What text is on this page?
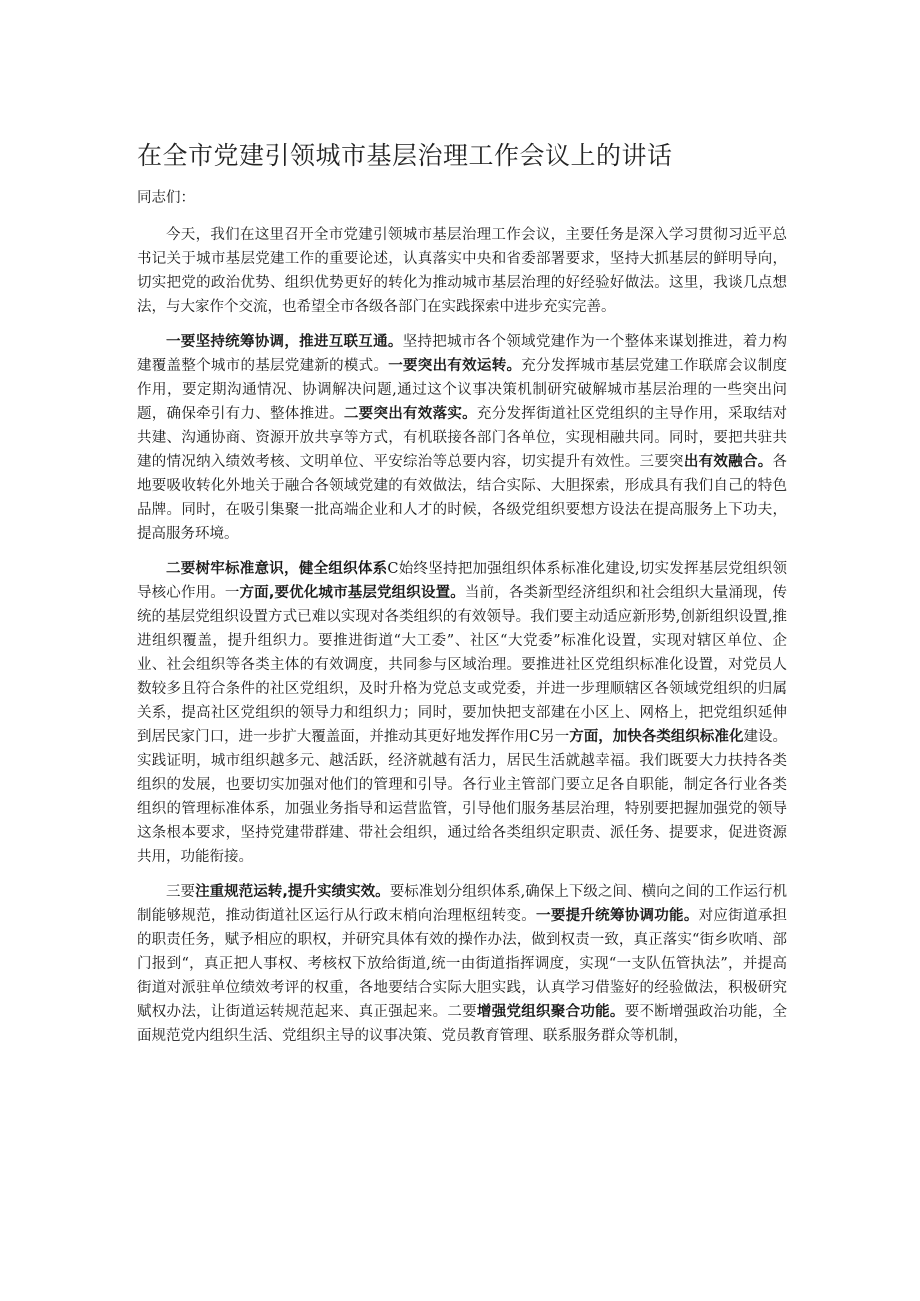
在全市党建引领城市基层治理工作会议上的讲话
同志们：

今天，我们在这里召开全市党建引领城市基层治理工作会议，主要任务是深入学习贯彻习近平总书记关于城市基层党建工作的重要论述，认真落实中央和省委部署要求，坚持大抓基层的鲜明导向，切实把党的政治优势、组织优势更好的转化为推动城市基层治理的好经验好做法。这里，我谈几点想法，与大家作个交流，也希望全市各级各部门在实践探索中进步充实完善。

一要坚持统筹协调，推进互联互通。坚持把城市各个领域党建作为一个整体来谋划推进，着力构建覆盖整个城市的基层党建新的模式。一要突出有效运转。充分发挥城市基层党建工作联席会议制度作用，要定期沟通情况、协调解决问题,通过这个议事决策机制研究破解城市基层治理的一些突出问题，确保牵引有力、整体推进。二要突出有效落实。充分发挥街道社区党组织的主导作用，采取结对共建、沟通协商、资源开放共享等方式，有机联接各部门各单位，实现相融共同。同时，要把共驻共建的情况纳入绩效考核、文明单位、平安综治等总要内容，切实提升有效性。三要突出有效融合。各地要吸收转化外地关于融合各领域党建的有效做法，结合实际、大胆探索，形成具有我们自己的特色品牌。同时，在吸引集聚一批高端企业和人才的时候，各级党组织要想方设法在提高服务上下功夫，提高服务环境。

二要树牢标准意识，健全组织体系C始终坚持把加强组织体系标准化建设,切实发挥基层党组织领导核心作用。一方面,要优化城市基层党组织设置。当前，各类新型经济组织和社会组织大量涌现，传统的基层党组织设置方式已难以实现对各类组织的有效领导。我们要主动适应新形势,创新组织设置,推进组织覆盖，提升组织力。要推进街道“大工委”、社区“大党委”标准化设置，实现对辖区单位、企业、社会组织等各类主体的有效调度，共同参与区域治理。要推进社区党组织标准化设置，对党员人数较多且符合条件的社区党组织，及时升格为党总支或党委，并进一步理顺辖区各领域党组织的归属关系，提高社区党组织的领导力和组织力；同时，要加快把支部建在小区上、网格上，把党组织延伸到居民家门口，进一步扩大覆盖面，并推动其更好地发挥作用C另一方面，加快各类组织标准化建设。实践证明，城市组织越多元、越活跃，经济就越有活力，居民生活就越幸福。我们既要大力扶持各类组织的发展，也要切实加强对他们的管理和引导。各行业主管部门要立足各自职能，制定各行业各类组织的管理标准体系，加强业务指导和运营监管，引导他们服务基层治理，特别要把握加强党的领导这条根本要求，坚持党建带群建、带社会组织，通过给各类组织定职责、派任务、提要求，促进资源共用，功能衔接。

三要注重规范运转,提升实绩实效。要标准划分组织体系,确保上下级之间、横向之间的工作运行机制能够规范，推动街道社区运行从行政末梢向治理枢纽转变。一要提升统筹协调功能。对应街道承担的职责任务，赋予相应的职权，并研究具体有效的操作办法，做到权责一致，真正落实“街乡吹哨、部门报到“，真正把人事权、考核权下放给街道,统一由街道指挥调度，实现“一支队伍管执法”，并提高街道对派驻单位绩效考评的权重，各地要结合实际大胆实践，认真学习借鉴好的经验做法，积极研究赋权办法，让街道运转规范起来、真正强起来。二要增强党组织聚合功能。要不断增强政治功能，全面规范党内组织生活、党组织主导的议事决策、党员教育管理、联系服务群众等机制，
